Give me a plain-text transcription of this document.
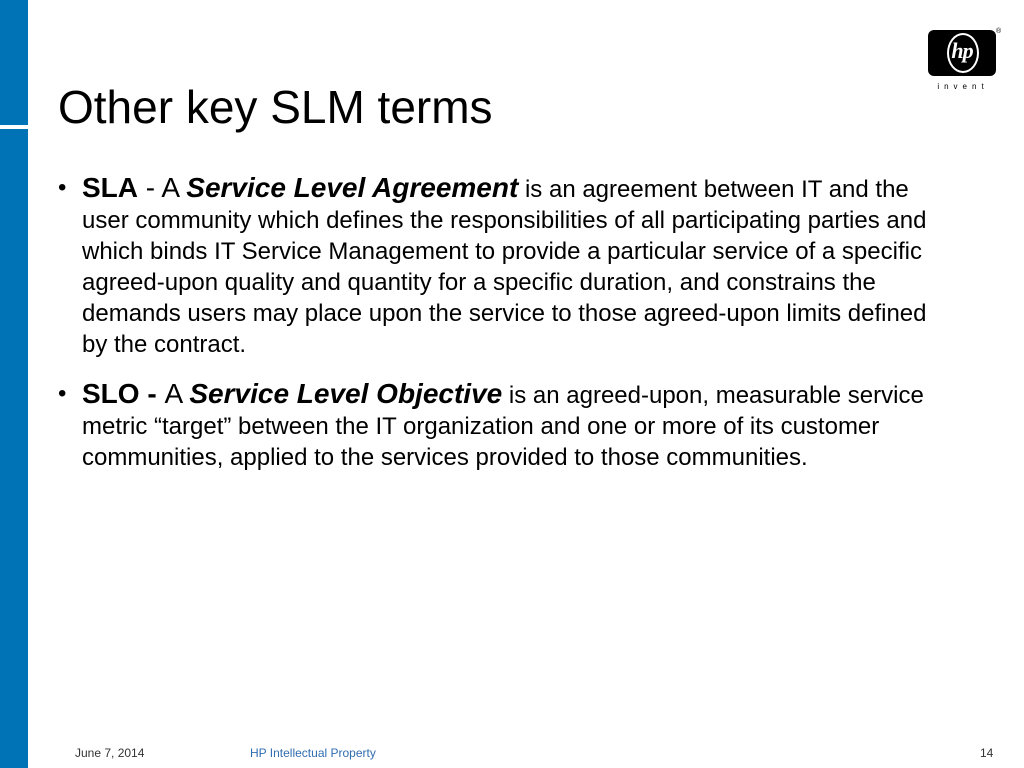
hp
®
invent
Other key SLM terms
• SLA - A Service Level Agreement is an agreement between IT and the user community which defines the responsibilities of all participating parties and which binds IT Service Management to provide a particular service of a specific agreed-upon quality and quantity for a specific duration, and constrains the demands users may place upon the service to those agreed-upon limits defined by the contract.
• SLO - A Service Level Objective is an agreed-upon, measurable service metric “target” between the IT organization and one or more of its customer communities, applied to the services provided to those communities.
June 7, 2014	HP Intellectual Property	14
